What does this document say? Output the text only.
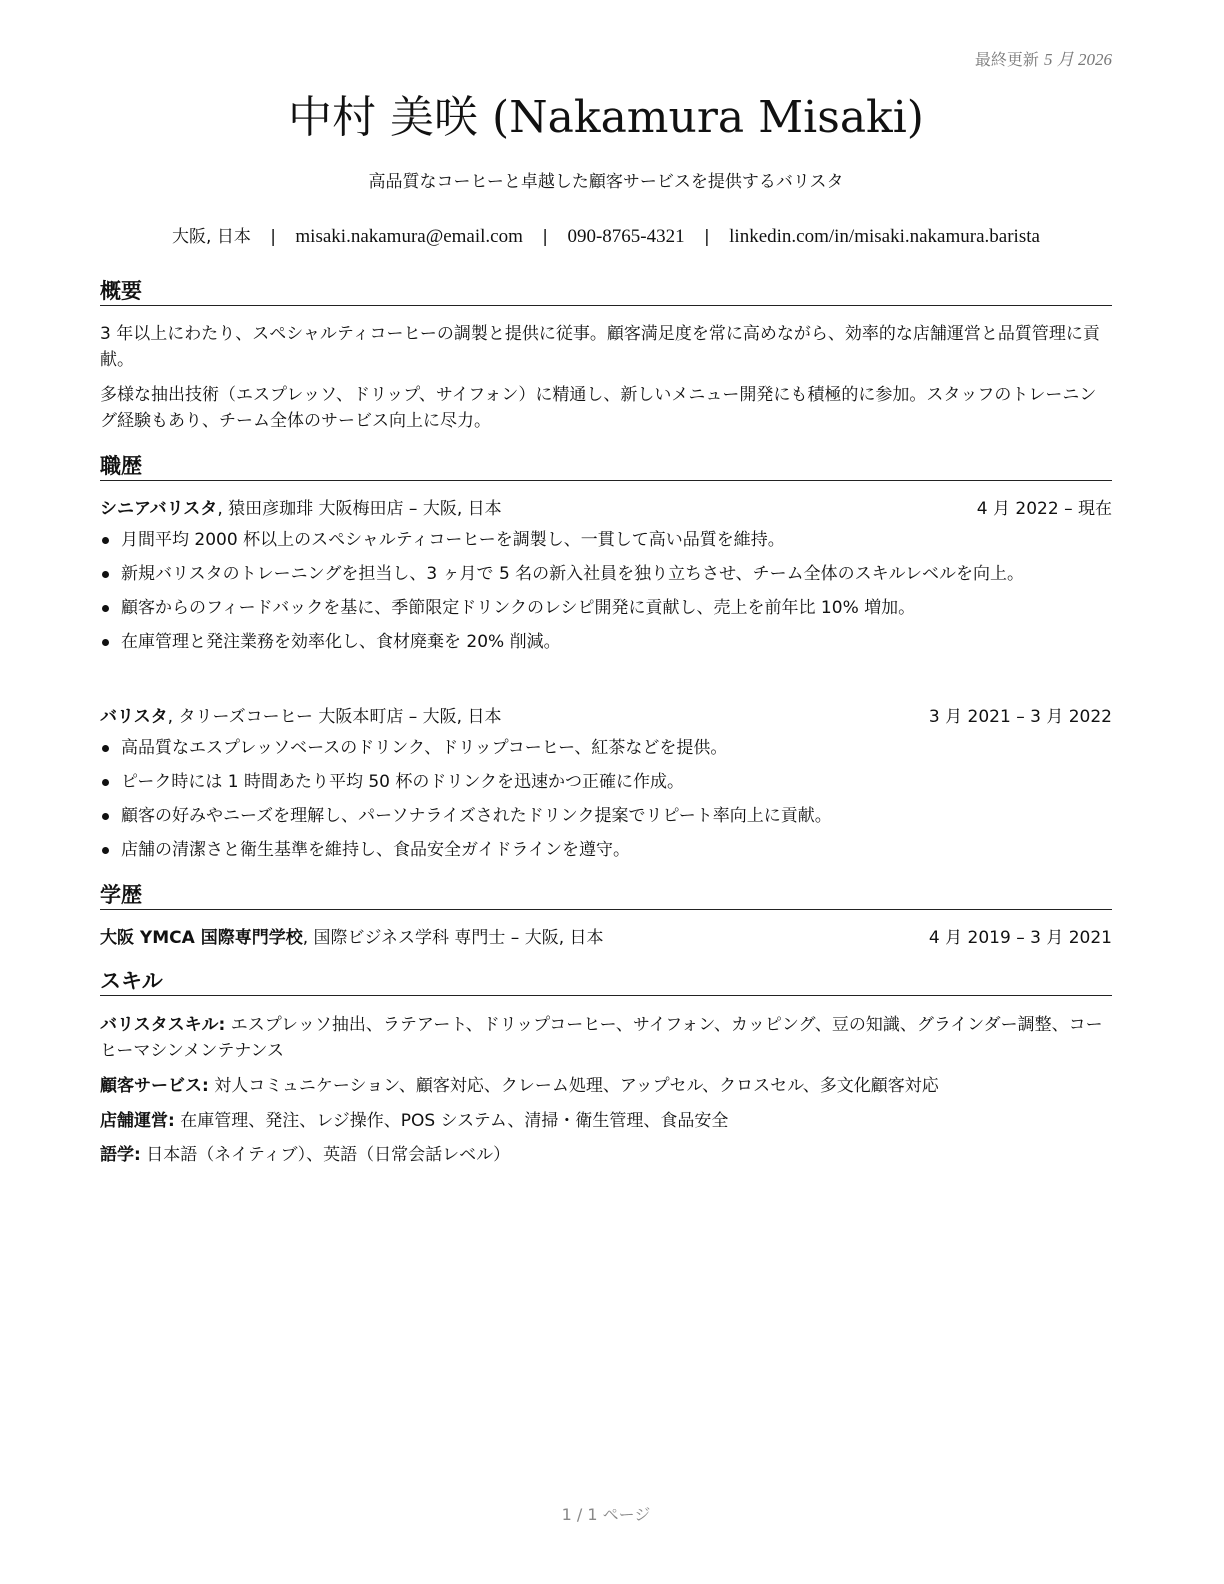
最終更新 5 月 2026
中村 美咲 (Nakamura Misaki)
高品質なコーヒーと卓越した顧客サービスを提供するバリスタ
大阪, 日本 | misaki.nakamura@email.com | 090-8765-4321 | linkedin.com/in/misaki.nakamura.barista
概要
3 年以上にわたり、スペシャルティコーヒーの調製と提供に従事。顧客満足度を常に高めながら、効率的な店舗運営と品質管理に貢献。
多様な抽出技術（エスプレッソ、ドリップ、サイフォン）に精通し、新しいメニュー開発にも積極的に参加。スタッフのトレーニング経験もあり、チーム全体のサービス向上に尽力。
職歴
シニアバリスタ, 猿田彦珈琲 大阪梅田店 – 大阪, 日本	4 月 2022 – 現在
月間平均 2000 杯以上のスペシャルティコーヒーを調製し、一貫して高い品質を維持。
新規バリスタのトレーニングを担当し、3 ヶ月で 5 名の新入社員を独り立ちさせ、チーム全体のスキルレベルを向上。
顧客からのフィードバックを基に、季節限定ドリンクのレシピ開発に貢献し、売上を前年比 10% 増加。
在庫管理と発注業務を効率化し、食材廃棄を 20% 削減。
バリスタ, タリーズコーヒー 大阪本町店 – 大阪, 日本	3 月 2021 – 3 月 2022
高品質なエスプレッソベースのドリンク、ドリップコーヒー、紅茶などを提供。
ピーク時には 1 時間あたり平均 50 杯のドリンクを迅速かつ正確に作成。
顧客の好みやニーズを理解し、パーソナライズされたドリンク提案でリピート率向上に貢献。
店舗の清潔さと衛生基準を維持し、食品安全ガイドラインを遵守。
学歴
大阪 YMCA 国際専門学校, 国際ビジネス学科 専門士 – 大阪, 日本	4 月 2019 – 3 月 2021
スキル
バリスタスキル: エスプレッソ抽出、ラテアート、ドリップコーヒー、サイフォン、カッピング、豆の知識、グラインダー調整、コーヒーマシンメンテナンス
顧客サービス: 対人コミュニケーション、顧客対応、クレーム処理、アップセル、クロスセル、多文化顧客対応
店舗運営: 在庫管理、発注、レジ操作、POS システム、清掃・衛生管理、食品安全
語学: 日本語（ネイティブ）、英語（日常会話レベル）
1 / 1 ページ
